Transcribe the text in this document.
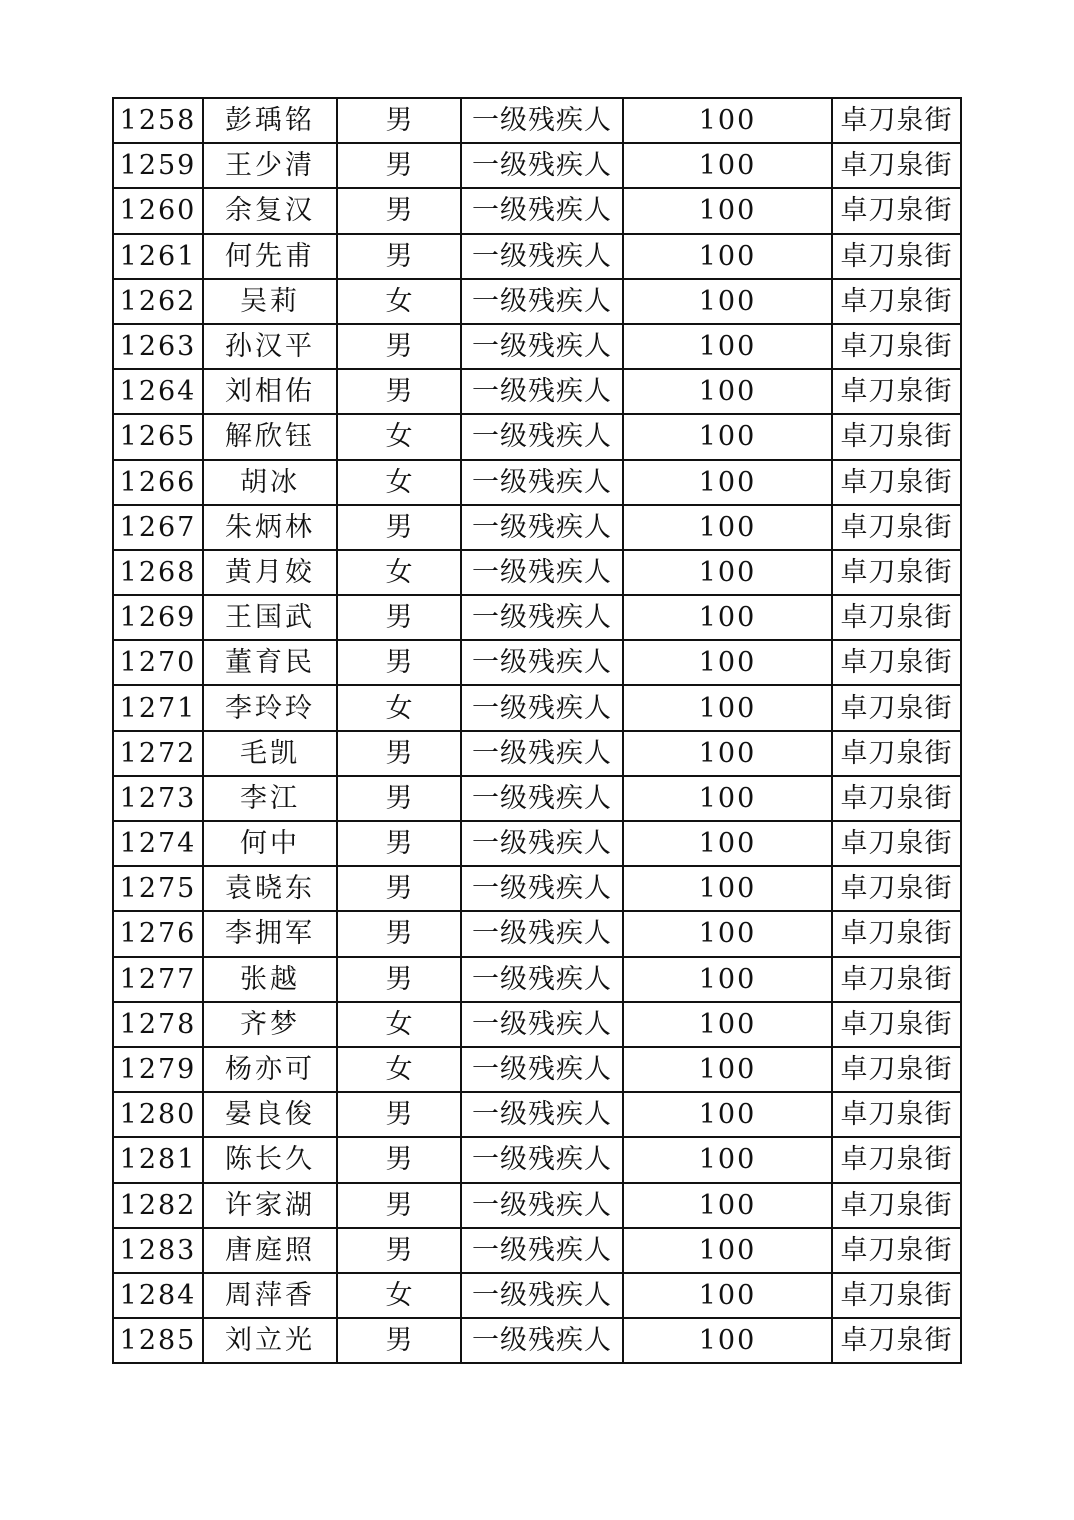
1258	彭瑀铭	男	一级残疾人	100	卓刀泉街
1259	王少清	男	一级残疾人	100	卓刀泉街
1260	余复汉	男	一级残疾人	100	卓刀泉街
1261	何先甫	男	一级残疾人	100	卓刀泉街
1262	吴莉	女	一级残疾人	100	卓刀泉街
1263	孙汉平	男	一级残疾人	100	卓刀泉街
1264	刘相佑	男	一级残疾人	100	卓刀泉街
1265	解欣钰	女	一级残疾人	100	卓刀泉街
1266	胡冰	女	一级残疾人	100	卓刀泉街
1267	朱炳林	男	一级残疾人	100	卓刀泉街
1268	黄月姣	女	一级残疾人	100	卓刀泉街
1269	王国武	男	一级残疾人	100	卓刀泉街
1270	董育民	男	一级残疾人	100	卓刀泉街
1271	李玲玲	女	一级残疾人	100	卓刀泉街
1272	毛凯	男	一级残疾人	100	卓刀泉街
1273	李江	男	一级残疾人	100	卓刀泉街
1274	何中	男	一级残疾人	100	卓刀泉街
1275	袁晓东	男	一级残疾人	100	卓刀泉街
1276	李拥军	男	一级残疾人	100	卓刀泉街
1277	张越	男	一级残疾人	100	卓刀泉街
1278	齐梦	女	一级残疾人	100	卓刀泉街
1279	杨亦可	女	一级残疾人	100	卓刀泉街
1280	晏良俊	男	一级残疾人	100	卓刀泉街
1281	陈长久	男	一级残疾人	100	卓刀泉街
1282	许家湖	男	一级残疾人	100	卓刀泉街
1283	唐庭照	男	一级残疾人	100	卓刀泉街
1284	周萍香	女	一级残疾人	100	卓刀泉街
1285	刘立光	男	一级残疾人	100	卓刀泉街
